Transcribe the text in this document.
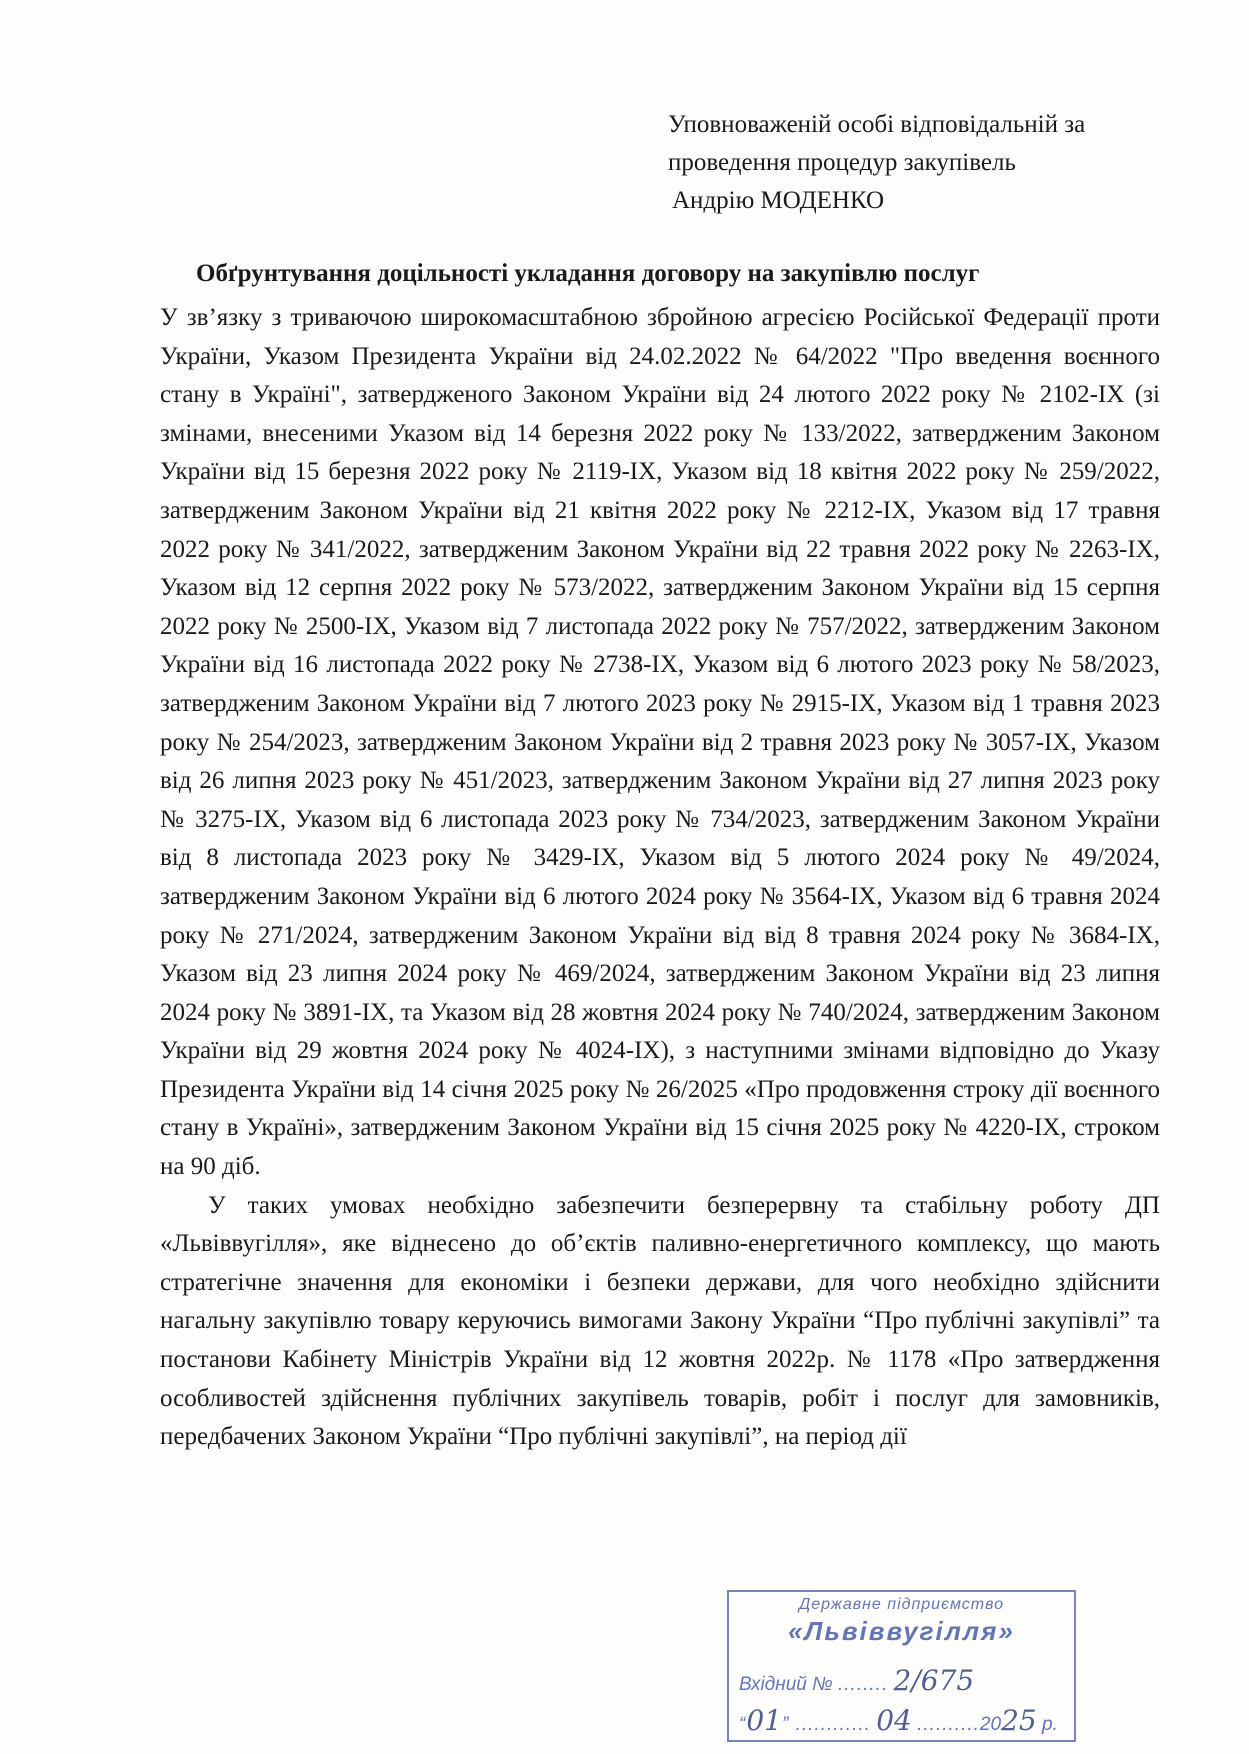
Уповноваженій особі відповідальній за
проведення процедур закупівель
Андрію МОДЕНКО
Обґрунтування доцільності укладання договору на закупівлю послуг

У зв’язку з триваючою широкомасштабною збройною агресією Російської Федерації проти України, Указом Президента України від 24.02.2022 № 64/2022 "Про введення воєнного стану в Україні", затвердженого Законом України від 24 лютого 2022 року № 2102-IX (зі змінами, внесеними Указом від 14 березня 2022 року № 133/2022, затвердженим Законом України від 15 березня 2022 року № 2119-IX, Указом від 18 квітня 2022 року № 259/2022, затвердженим Законом України від 21 квітня 2022 року № 2212-IX, Указом від 17 травня 2022 року № 341/2022, затвердженим Законом України від 22 травня 2022 року № 2263-IX, Указом від 12 серпня 2022 року № 573/2022, затвердженим Законом України від 15 серпня 2022 року № 2500-IX, Указом від 7 листопада 2022 року № 757/2022, затвердженим Законом України від 16 листопада 2022 року № 2738-IX, Указом від 6 лютого 2023 року № 58/2023, затвердженим Законом України від 7 лютого 2023 року № 2915-IX, Указом від 1 травня 2023 року № 254/2023, затвердженим Законом України від 2 травня 2023 року № 3057-IX, Указом від 26 липня 2023 року № 451/2023, затвердженим Законом України від 27 липня 2023 року № 3275-IX, Указом від 6 листопада 2023 року № 734/2023, затвердженим Законом України від 8 листопада 2023 року № 3429-IX, Указом від 5 лютого 2024 року № 49/2024, затвердженим Законом України від 6 лютого 2024 року № 3564-IX, Указом від 6 травня 2024 року № 271/2024, затвердженим Законом України від від 8 травня 2024 року № 3684-IX, Указом від 23 липня 2024 року № 469/2024, затвердженим Законом України від 23 липня 2024 року № 3891-IX, та Указом від 28 жовтня 2024 року № 740/2024, затвердженим Законом України від 29 жовтня 2024 року № 4024-IX), з наступними змінами відповідно до Указу Президента України від 14 січня 2025 року № 26/2025 «Про продовження строку дії воєнного стану в Україні», затвердженим Законом України від 15 січня 2025 року № 4220-IX, строком на 90 діб.

У таких умовах необхідно забезпечити безперервну та стабільну роботу ДП «Львіввугілля», яке віднесено до об’єктів паливно-енергетичного комплексу, що мають стратегічне значення для економіки і безпеки держави, для чого необхідно здійснити нагальну закупівлю товару керуючись вимогами Закону України “Про публічні закупівлі” та постанови Кабінету Міністрів України від 12 жовтня 2022р. № 1178 «Про затвердження особливостей здійснення публічних закупівель товарів, робіт і послуг для замовників, передбачених Законом України “Про публічні закупівлі”, на період дії

Державне підприємство
«Львіввугілля»
Вхідний № ........ 2/675
“01” ............ 04 ..........2025 р.
